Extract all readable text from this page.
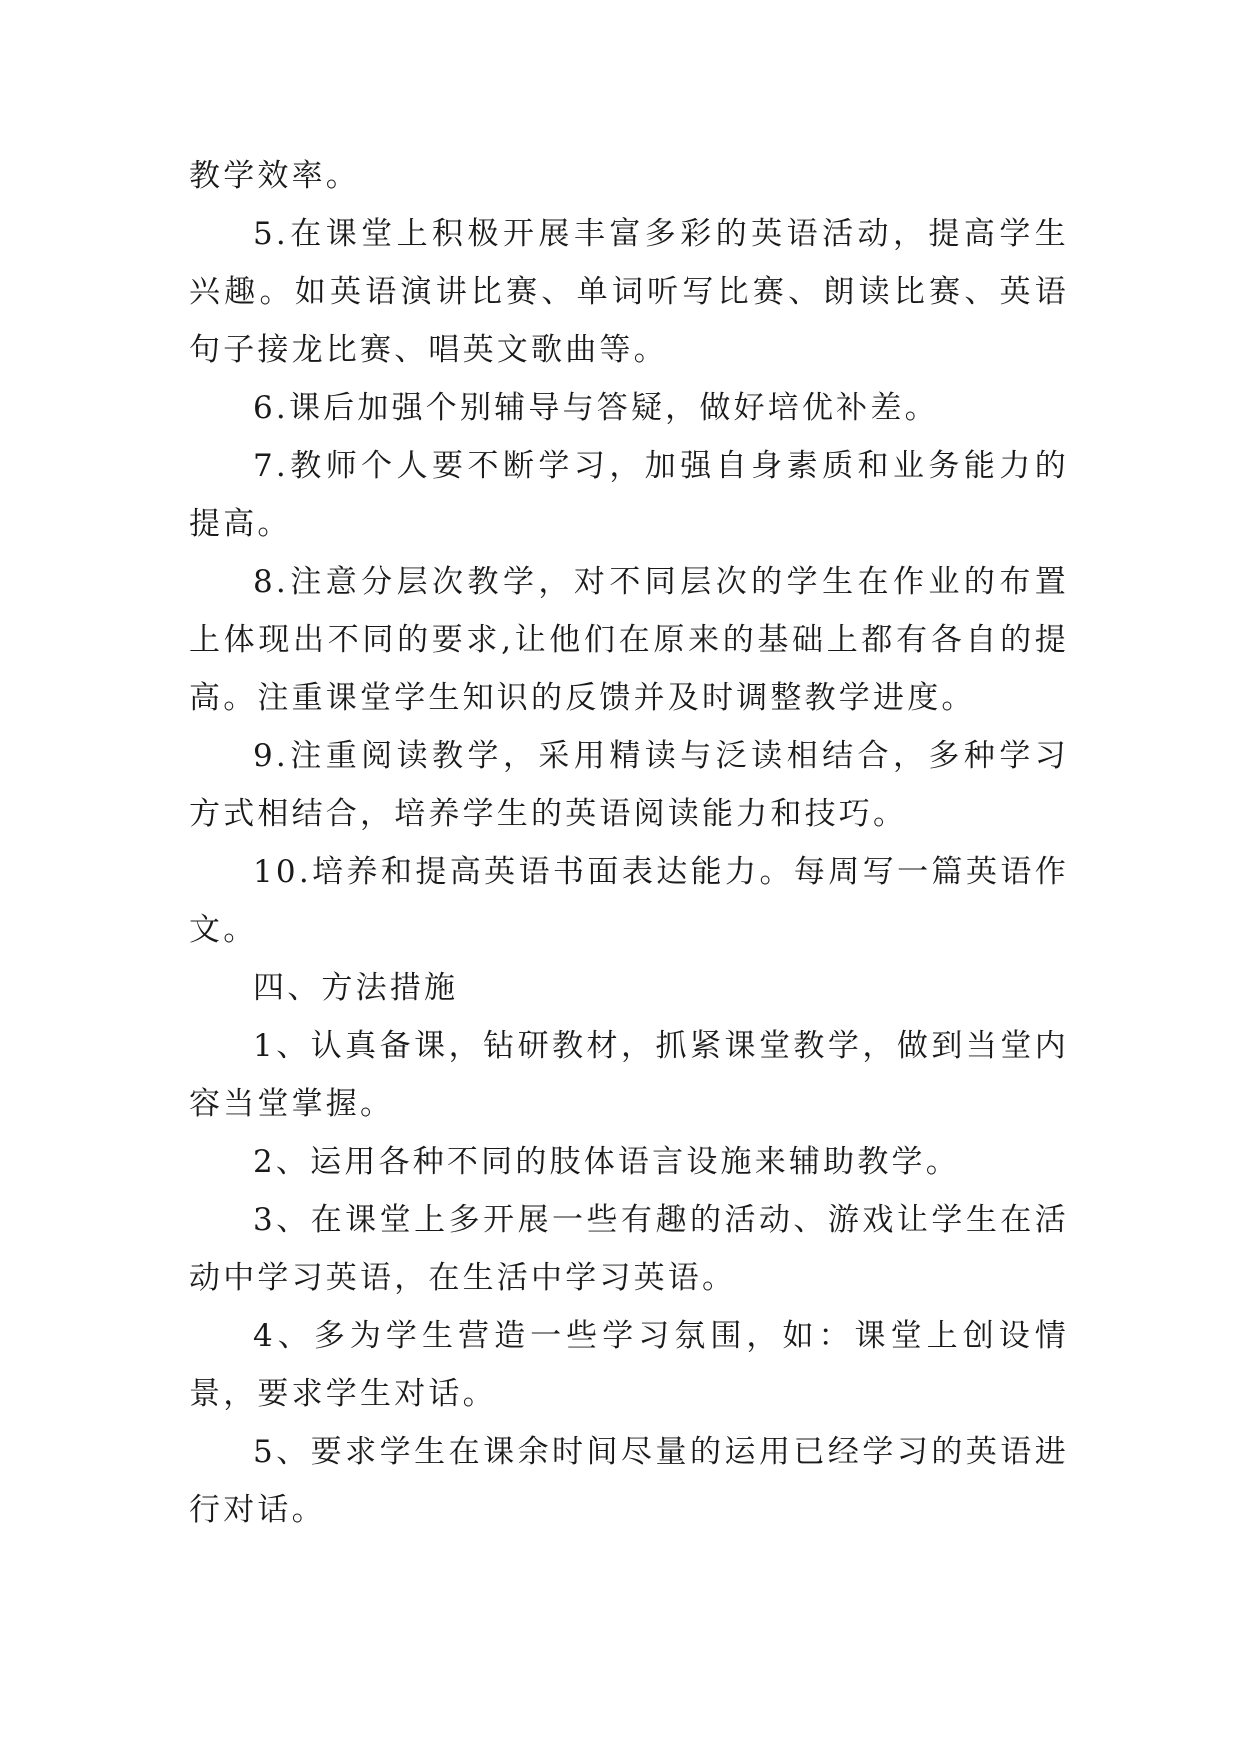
教学效率。

5.在课堂上积极开展丰富多彩的英语活动，提高学生兴趣。如英语演讲比赛、单词听写比赛、朗读比赛、英语句子接龙比赛、唱英文歌曲等。

6.课后加强个别辅导与答疑，做好培优补差。

7.教师个人要不断学习，加强自身素质和业务能力的提高。

8.注意分层次教学，对不同层次的学生在作业的布置上体现出不同的要求,让他们在原来的基础上都有各自的提高。注重课堂学生知识的反馈并及时调整教学进度。

9.注重阅读教学，采用精读与泛读相结合，多种学习方式相结合，培养学生的英语阅读能力和技巧。

10.培养和提高英语书面表达能力。每周写一篇英语作文。

四、方法措施

1、认真备课，钻研教材，抓紧课堂教学，做到当堂内容当堂掌握。

2、运用各种不同的肢体语言设施来辅助教学。

3、在课堂上多开展一些有趣的活动、游戏让学生在活动中学习英语，在生活中学习英语。

4、多为学生营造一些学习氛围，如：课堂上创设情景，要求学生对话。

5、要求学生在课余时间尽量的运用已经学习的英语进行对话。
